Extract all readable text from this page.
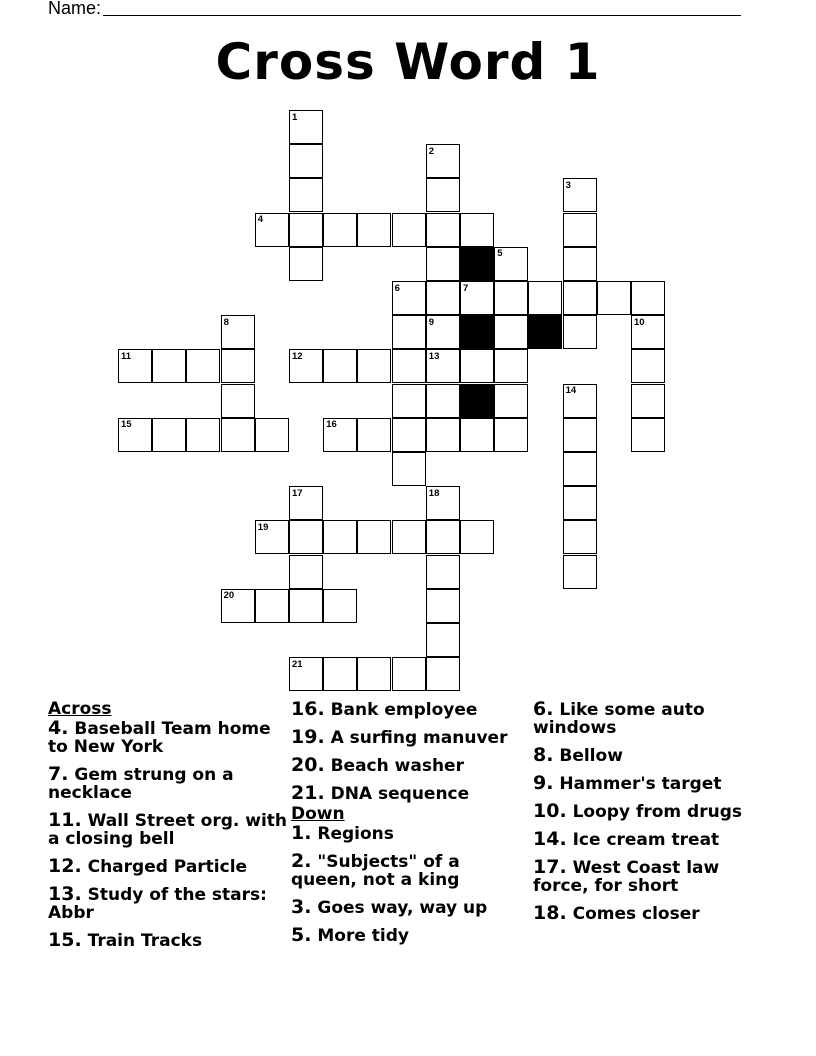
Name:
Cross Word 1
1
2
3
4
5
6	7
8	9	10
11	12	13
14
15	16
17	18
19
20
21
Across
4. Baseball Team home to New York
7. Gem strung on a necklace
11. Wall Street org. with a closing bell
12. Charged Particle
13. Study of the stars: Abbr
15. Train Tracks
16. Bank employee
19. A surfing manuver
20. Beach washer
21. DNA sequence
Down
1. Regions
2. "Subjects" of a queen, not a king
3. Goes way, way up
5. More tidy
6. Like some auto windows
8. Bellow
9. Hammer's target
10. Loopy from drugs
14. Ice cream treat
17. West Coast law force, for short
18. Comes closer
